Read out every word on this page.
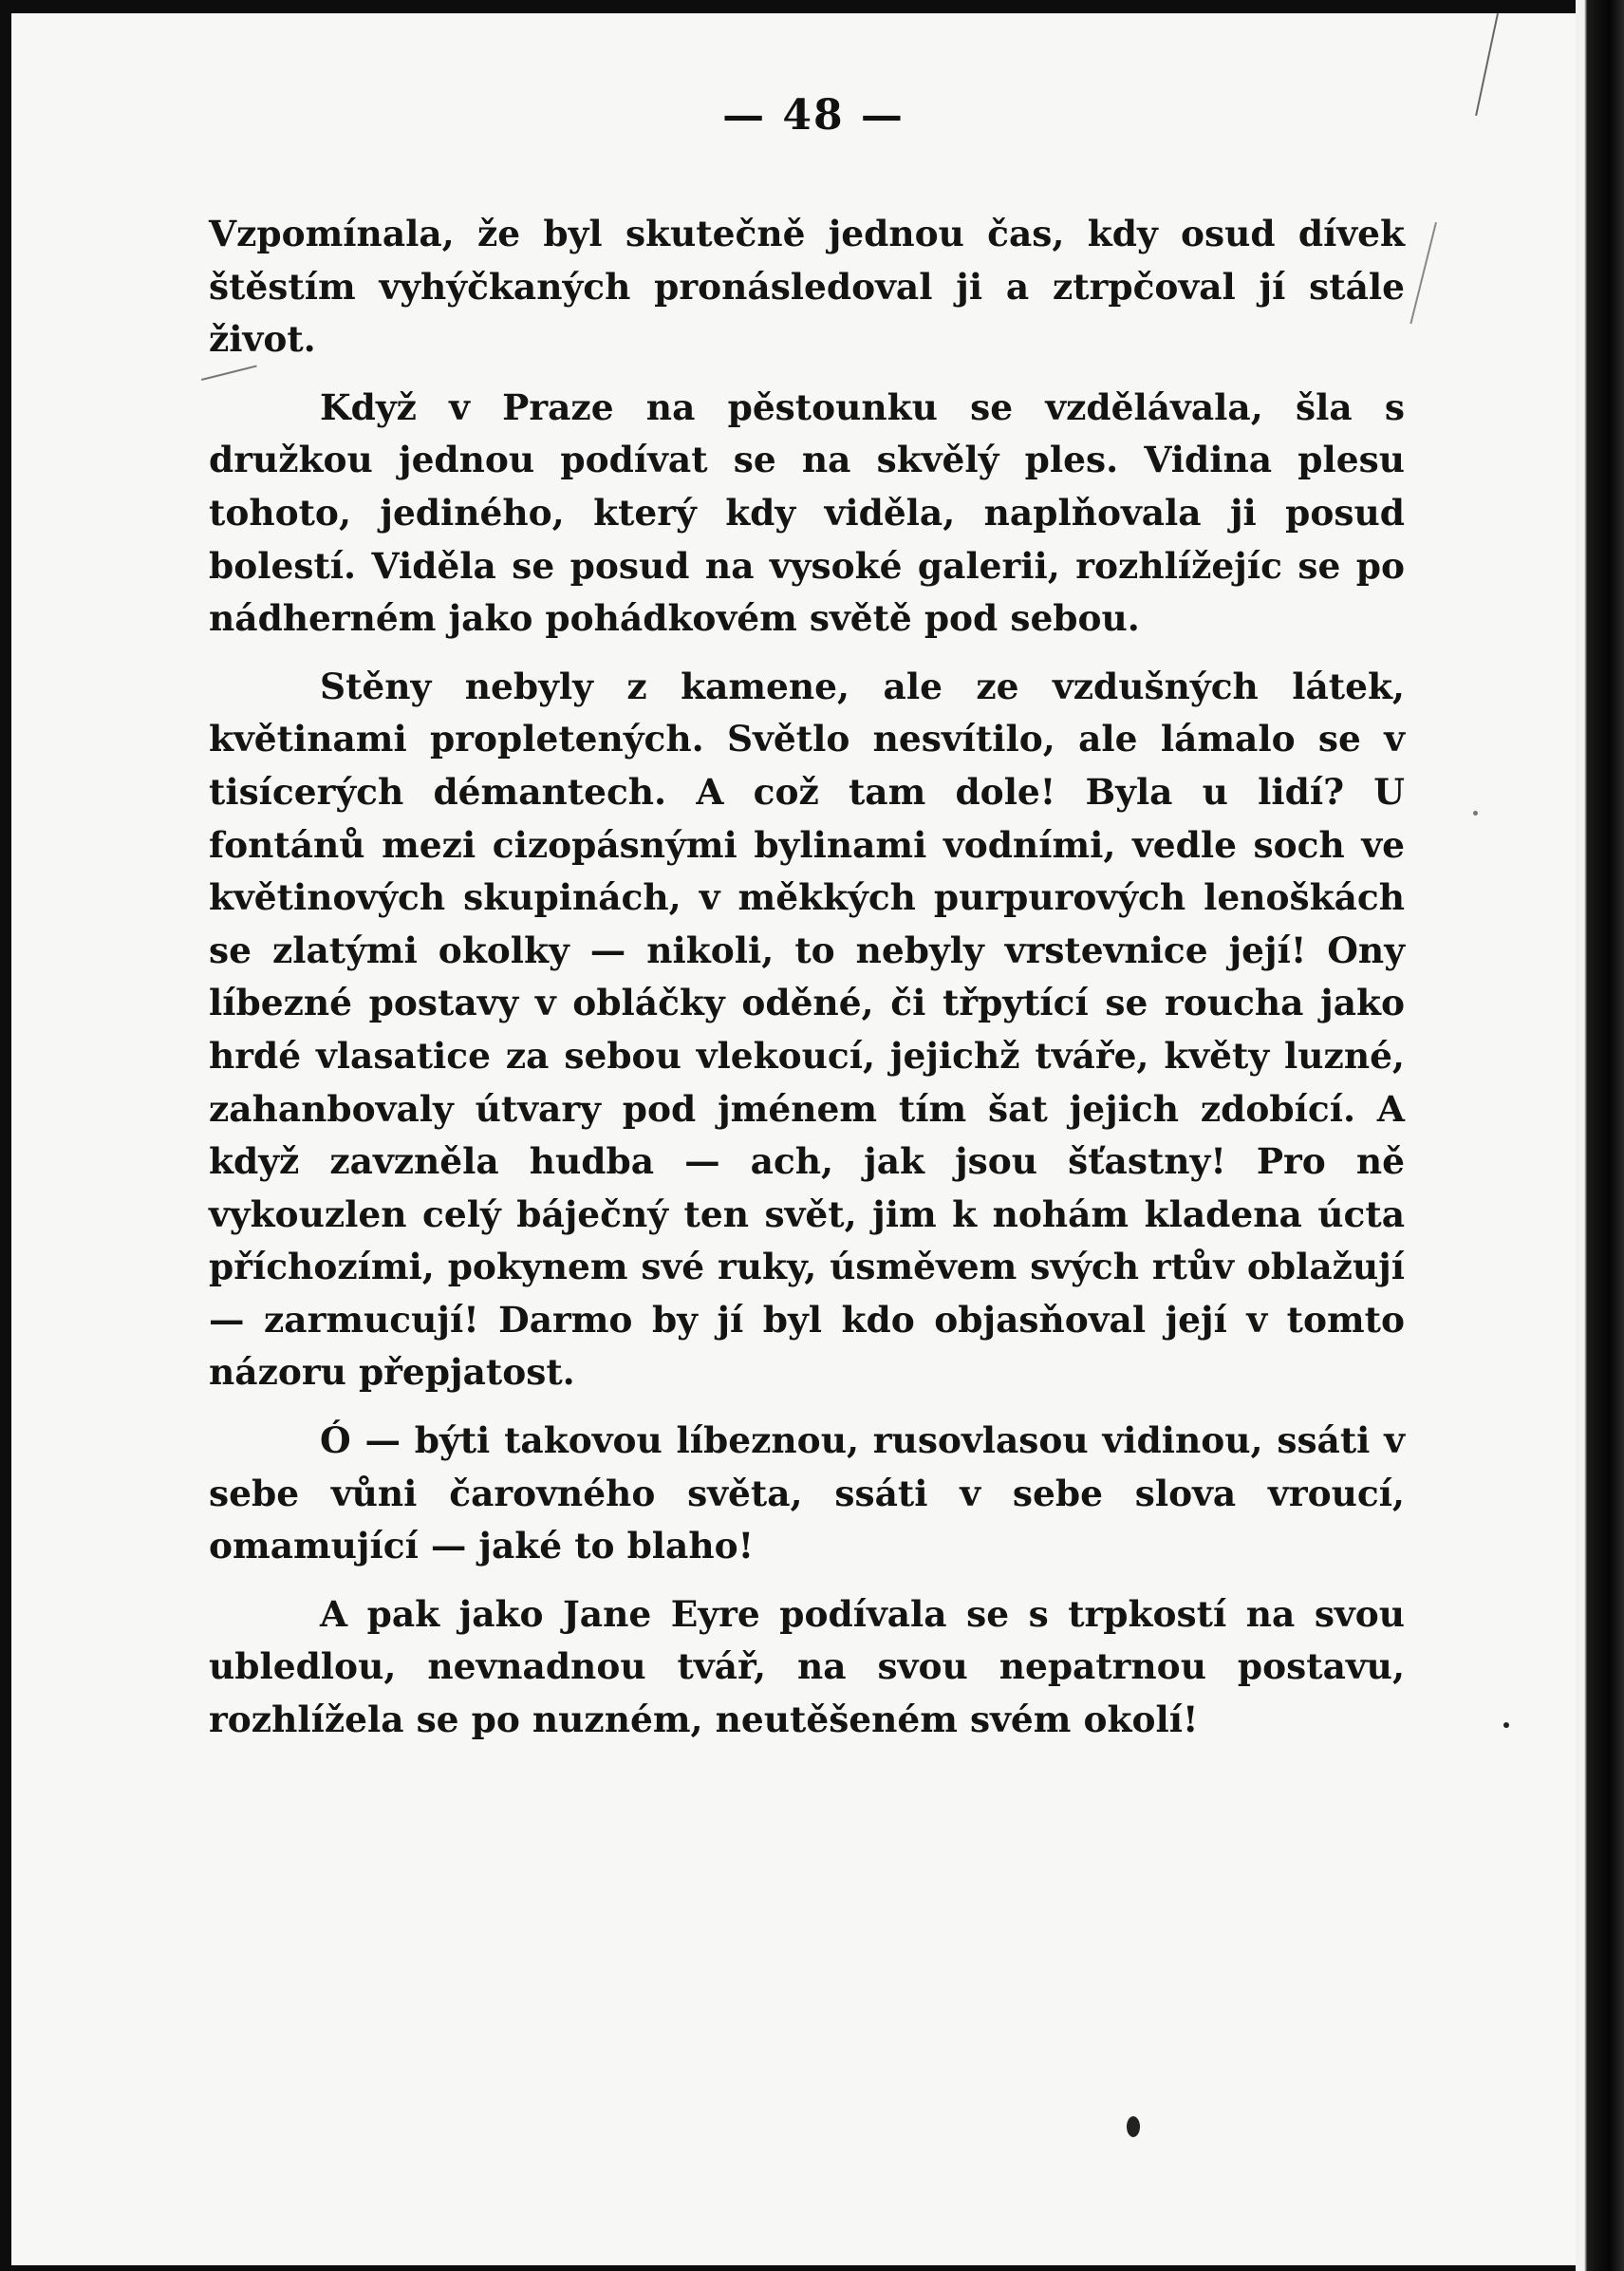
— 48 —

Vzpomínala, že byl skutečně jednou čas, kdy osud dívek štěstím vyhýčkaných pronásledoval ji a ztrpčoval jí stále život.

Když v Praze na pěstounku se vzdělávala, šla s družkou jednou podívat se na skvělý ples. Vidina plesu tohoto, jediného, který kdy viděla, naplňovala ji posud bolestí. Viděla se posud na vysoké galerii, rozhlížejíc se po nádherném jako pohádkovém světě pod sebou.

Stěny nebyly z kamene, ale ze vzdušných látek, květinami propletených. Světlo nesvítilo, ale lámalo se v tisícerých démantech. A což tam dole! Byla u lidí? U fontánů mezi cizopásnými bylinami vodními, vedle soch ve květinových skupinách, v měkkých purpurových lenoškách se zlatými okolky — nikoli, to nebyly vrstevnice její! Ony líbezné postavy v obláčky oděné, či třpytící se roucha jako hrdé vlasatice za sebou vlekoucí, jejichž tváře, květy luzné, zahanbovaly útvary pod jménem tím šat jejich zdobící. A když zavzněla hudba — ach, jak jsou šťastny! Pro ně vykouzlen celý báječný ten svět, jim k nohám kladena úcta příchozími, pokynem své ruky, úsměvem svých rtův oblažují — zarmucují! Darmo by jí byl kdo objasňoval její v tomto názoru přepjatost.

Ó — býti takovou líbeznou, rusovlasou vidinou, ssáti v sebe vůni čarovného světa, ssáti v sebe slova vroucí, omamující — jaké to blaho!

A pak jako Jane Eyre podívala se s trpkostí na svou ubledlou, nevnadnou tvář, na svou nepatrnou postavu, rozhlížela se po nuzném, neutěšeném svém okolí!
